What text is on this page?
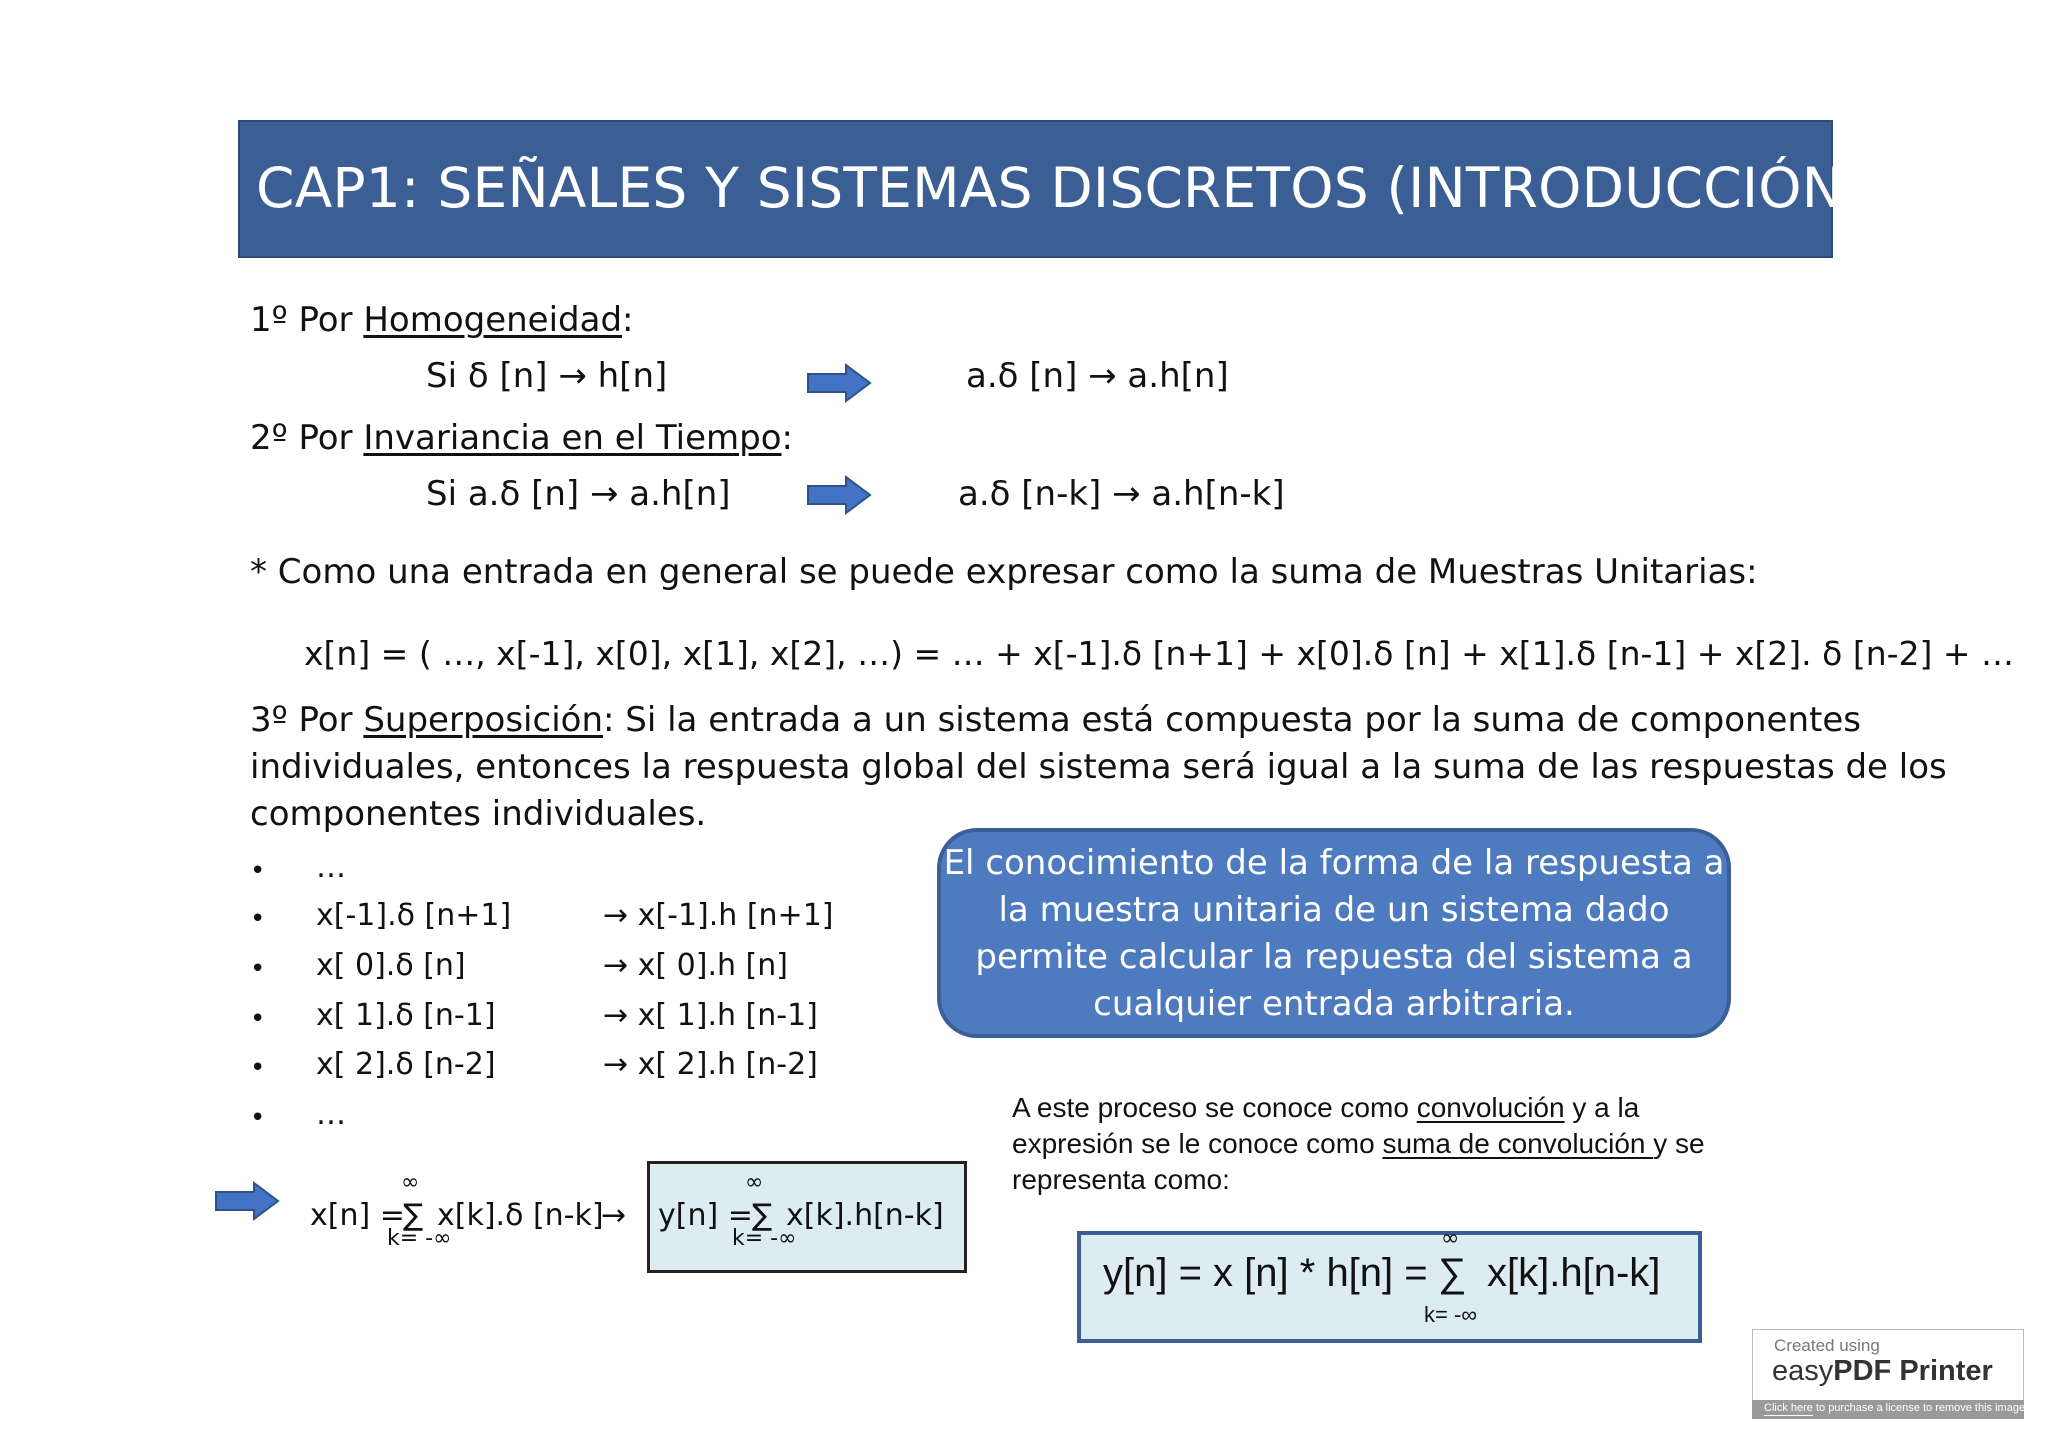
CAP1: SEÑALES Y SISTEMAS DISCRETOS (INTRODUCCIÓN)
1º Por Homogeneidad:
Si δ [n] → h[n]	a.δ [n] → a.h[n]
2º Por Invariancia en el Tiempo:
Si a.δ [n] → a.h[n]	a.δ [n-k] → a.h[n-k]
* Como una entrada en general se puede expresar como la suma de Muestras Unitarias:
x[n] = ( …, x[-1], x[0], x[1], x[2], …) = … + x[-1].δ [n+1] + x[0].δ [n] + x[1].δ [n-1] + x[2]. δ [n-2] + …
3º Por Superposición: Si la entrada a un sistema está compuesta por la suma de componentes
individuales, entonces la respuesta global del sistema será igual a la suma de las respuestas de los
componentes individuales.
• …
• x[-1].δ [n+1]	→ x[-1].h [n+1]
• x[ 0].δ [n]	→ x[ 0].h [n]
• x[ 1].δ [n-1]	→ x[ 1].h [n-1]
• x[ 2].δ [n-2]	→ x[ 2].h [n-2]
• …
El conocimiento de la forma de la respuesta a
la muestra unitaria de un sistema dado
permite calcular la repuesta del sistema a
cualquier entrada arbitraria.
∞
x[n] =
∑ x[k].δ [n-k]
k= -∞
→
∞
y[n] = ∑ x[k].h[n-k]
k= -∞
A este proceso se conoce como convolución y a la
expresión se le conoce como suma de convolución y se
representa como:
∞
y[n] = x [n] * h[n] = ∑ x[k].h[n-k]
k= -∞
Created using
easyPDF Printer
Click here to purchase a license to remove this image
